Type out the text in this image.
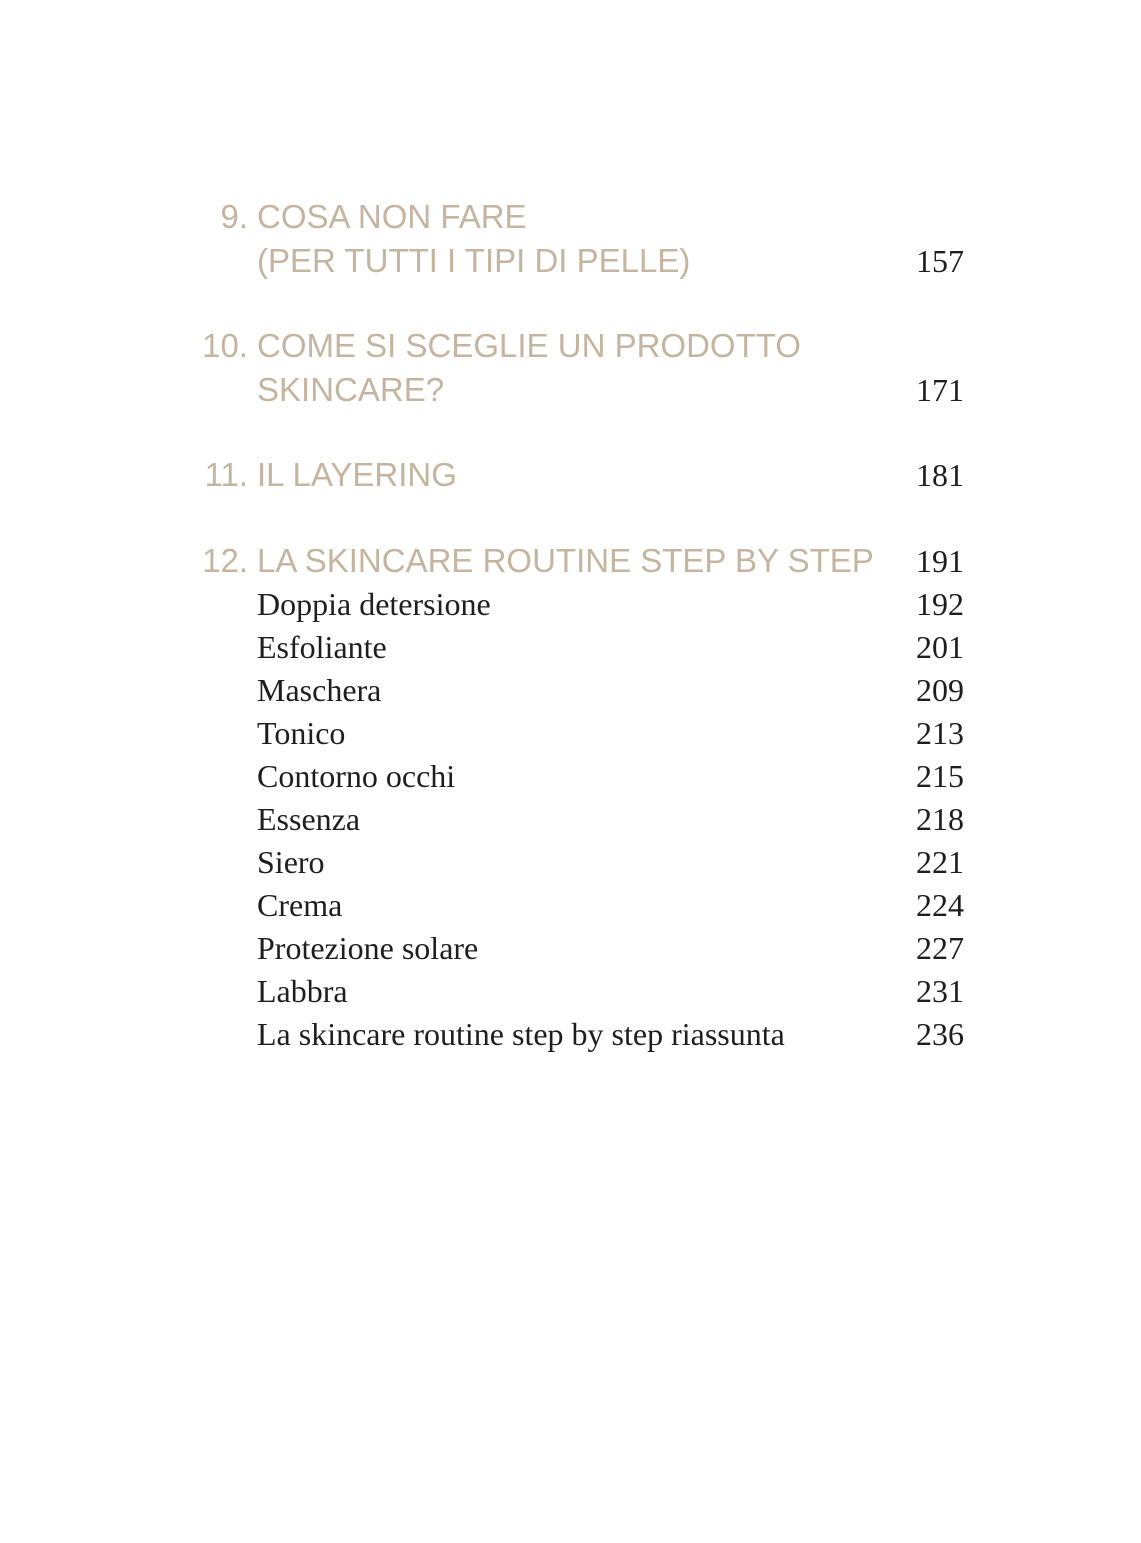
9. COSA NON FARE
(PER TUTTI I TIPI DI PELLE)	157
10. COME SI SCEGLIE UN PRODOTTO
SKINCARE?	171
11. IL LAYERING	181
12. LA SKINCARE ROUTINE STEP BY STEP	191
Doppia detersione	192
Esfoliante	201
Maschera	209
Tonico	213
Contorno occhi	215
Essenza	218
Siero	221
Crema	224
Protezione solare	227
Labbra	231
La skincare routine step by step riassunta	236
